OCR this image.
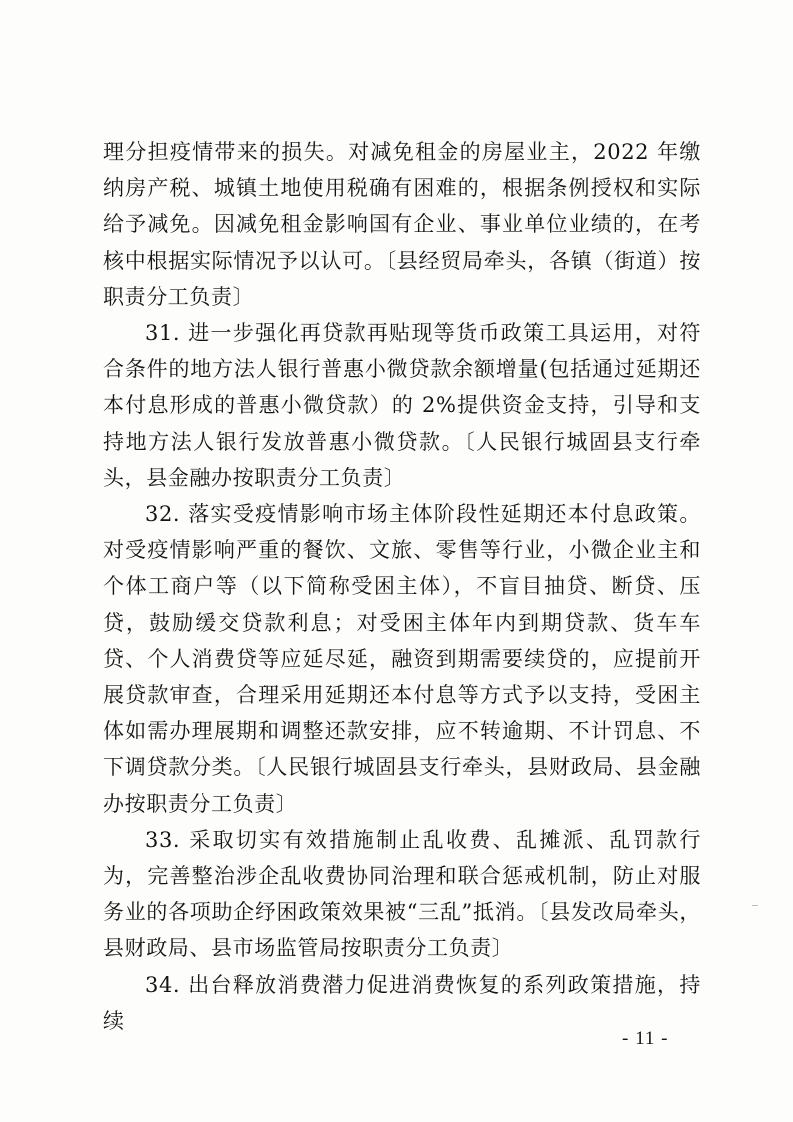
理分担疫情带来的损失。对减免租金的房屋业主，2022 年缴纳房产税、城镇土地使用税确有困难的，根据条例授权和实际给予减免。因减免租金影响国有企业、事业单位业绩的，在考核中根据实际情况予以认可。〔县经贸局牵头，各镇（街道）按职责分工负责〕

31. 进一步强化再贷款再贴现等货币政策工具运用，对符合条件的地方法人银行普惠小微贷款余额增量(包括通过延期还本付息形成的普惠小微贷款）的 2%提供资金支持，引导和支持地方法人银行发放普惠小微贷款。〔人民银行城固县支行牵头，县金融办按职责分工负责〕

32. 落实受疫情影响市场主体阶段性延期还本付息政策。对受疫情影响严重的餐饮、文旅、零售等行业，小微企业主和个体工商户等（以下简称受困主体），不盲目抽贷、断贷、压贷，鼓励缓交贷款利息；对受困主体年内到期贷款、货车车贷、个人消费贷等应延尽延，融资到期需要续贷的，应提前开展贷款审查，合理采用延期还本付息等方式予以支持，受困主体如需办理展期和调整还款安排，应不转逾期、不计罚息、不下调贷款分类。〔人民银行城固县支行牵头，县财政局、县金融办按职责分工负责〕

33. 采取切实有效措施制止乱收费、乱摊派、乱罚款行为，完善整治涉企乱收费协同治理和联合惩戒机制，防止对服务业的各项助企纾困政策效果被“三乱”抵消。〔县发改局牵头，县财政局、县市场监管局按职责分工负责〕

34. 出台释放消费潜力促进消费恢复的系列政策措施，持续

- 11 -
